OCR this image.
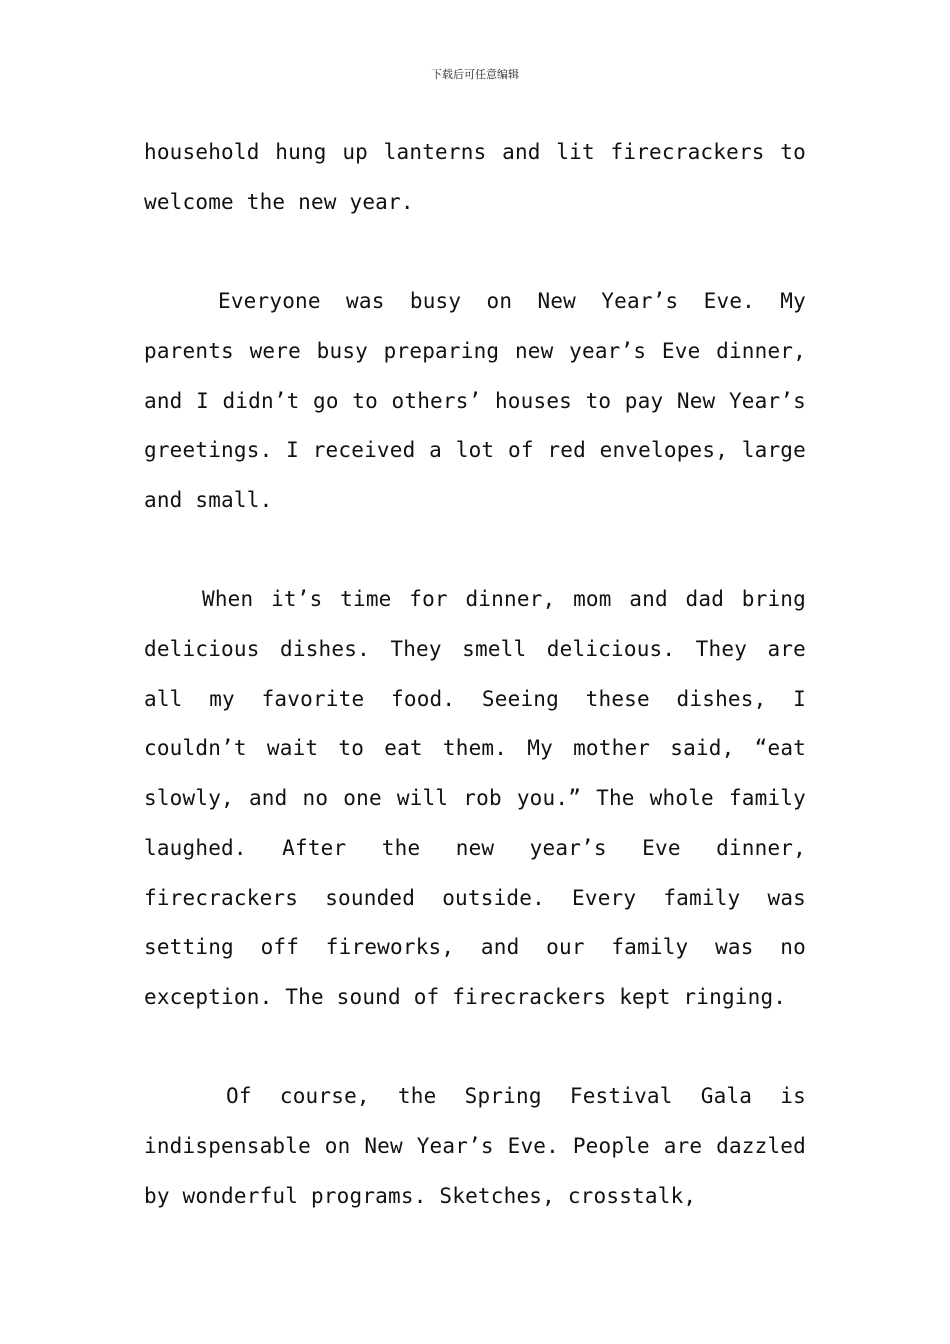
下载后可任意编辑

household hung up lanterns and lit firecrackers to welcome the new year.

Everyone was busy on New Year’s Eve. My parents were busy preparing new year’s Eve dinner, and I didn’t go to others’ houses to pay New Year’s greetings. I received a lot of red envelopes, large and small.

When it’s time for dinner, mom and dad bring delicious dishes. They smell delicious. They are all my favorite food. Seeing these dishes, I couldn’t wait to eat them. My mother said, “eat slowly, and no one will rob you.” The whole family laughed. After the new year’s Eve dinner, firecrackers sounded outside. Every family was setting off fireworks, and our family was no exception. The sound of firecrackers kept ringing.

Of course, the Spring Festival Gala is indispensable on New Year’s Eve. People are dazzled by wonderful programs. Sketches, crosstalk,
